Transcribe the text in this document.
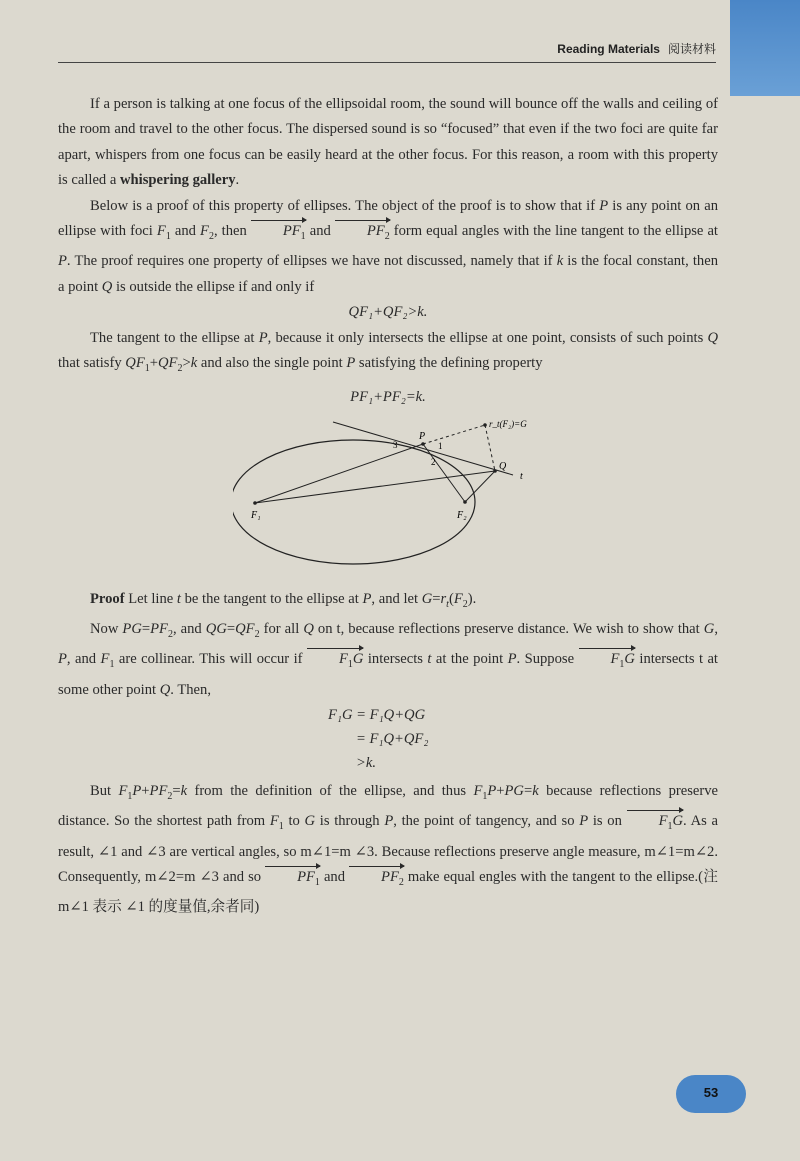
Reading Materials 阅读材料

If a person is talking at one focus of the ellipsoidal room, the sound will bounce off the walls and ceiling of the room and travel to the other focus. The dispersed sound is so “focused” that even if the two foci are quite far apart, whispers from one focus can be easily heard at the other focus. For this reason, a room with this property is called a whispering gallery.

Below is a proof of this property of ellipses. The object of the proof is to show that if P is any point on an ellipse with foci $F_1$ and $F_2$, then $PF_1$ and $PF_2$ form equal angles with the line tangent to the ellipse at P. The proof requires one property of ellipses we have not discussed, namely that if k is the focal constant, then a point Q is outside the ellipse if and only if

QF₁+QF₂>k.

The tangent to the ellipse at P, because it only intersects the ellipse at one point, consists of such points Q that satisfy $QF_1+QF_2>k$ and also the single point P satisfying the defining property

PF₁+PF₂=k.

F₁	F₂
P
Q
t
r_t(F₂)=G
1
2
3

Proof Let line t be the tangent to the ellipse at P, and let $G=r_t(F_2)$.

Now $PG=PF_2$, and $QG=QF_2$ for all Q on t, because reflections preserve distance. We wish to show that G, P, and $F_1$ are collinear. This will occur if $F_1G$ intersects t at the point P. Suppose $F_1G$ intersects t at some other point Q. Then,

F₁G = F₁Q+QG
= F₁Q+QF₂
>k.

But $F_1P+PF_2=k$ from the definition of the ellipse, and thus $F_1P+PG=k$ because reflections preserve distance. So the shortest path from $F_1$ to G is through P, the point of tangency, and so P is on $F_1G$. As a result, ∠1 and ∠3 are vertical angles, so m∠1=m ∠3. Because reflections preserve angle measure, m∠1=m∠2. Consequently, m∠2=m ∠3 and so $PF_1$ and $PF_2$ make equal engles with the tangent to the ellipse.(注 m∠1 表示 ∠1 的度量值,余者同)

53
